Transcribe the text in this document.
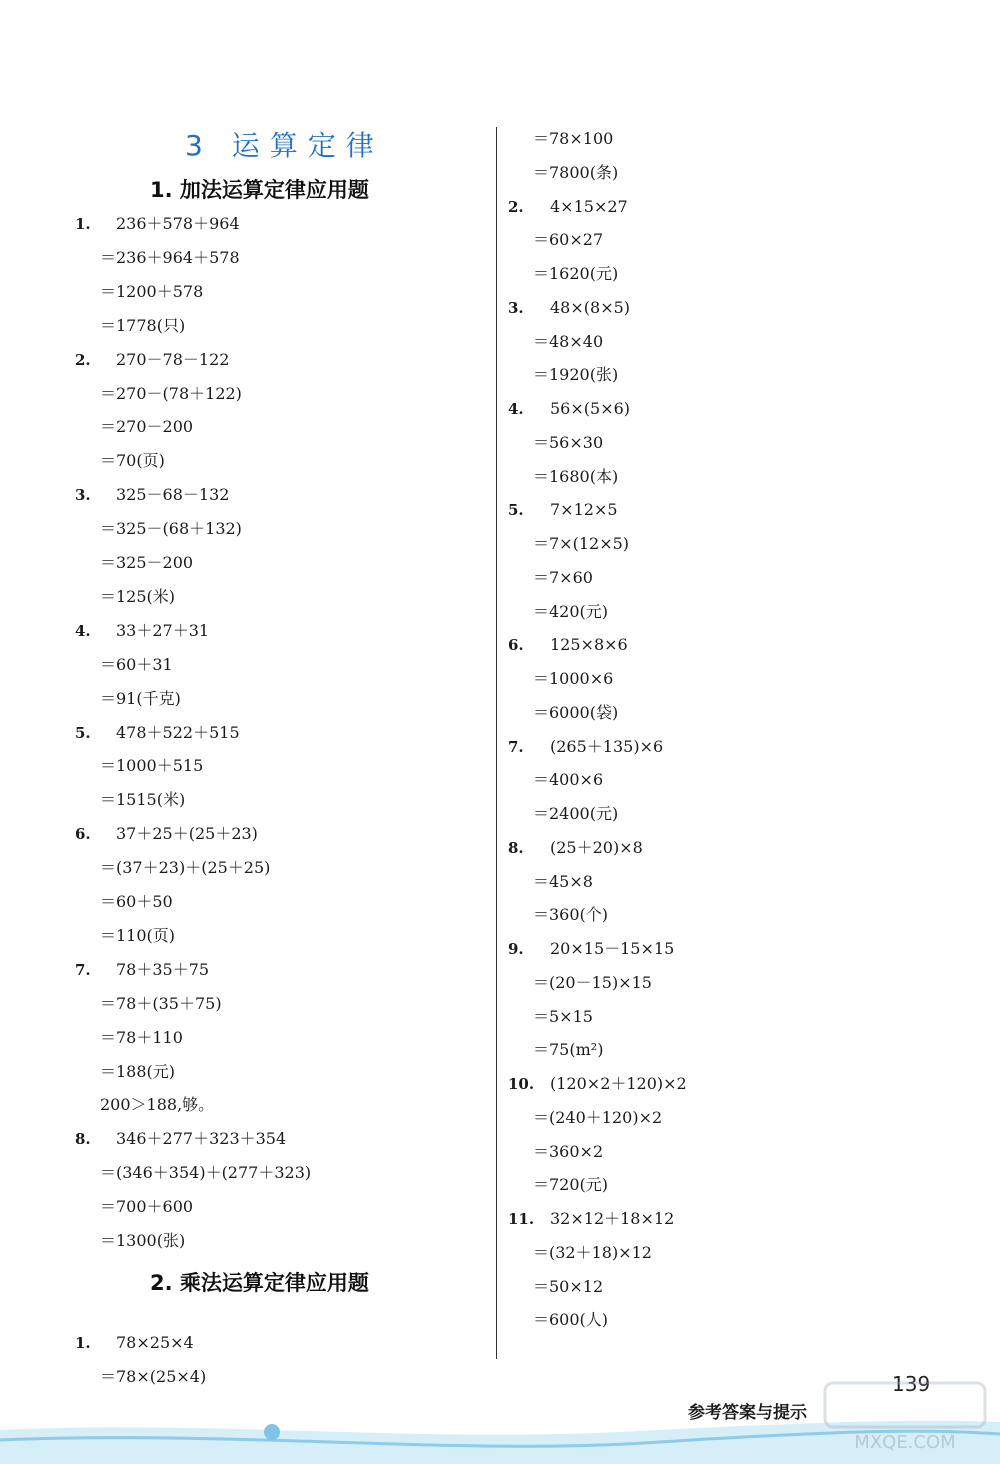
3 运算定律
1. 加法运算定律应用题
2. 乘法运算定律应用题
1. 236＋578＋964
＝236＋964＋578
＝1200＋578
＝1778(只)
2. 270－78－122
＝270－(78＋122)
＝270－200
＝70(页)
3. 325－68－132
＝325－(68＋132)
＝325－200
＝125(米)
4. 33＋27＋31
＝60＋31
＝91(千克)
5. 478＋522＋515
＝1000＋515
＝1515(米)
6. 37＋25＋(25＋23)
＝(37＋23)＋(25＋25)
＝60＋50
＝110(页)
7. 78＋35＋75
＝78＋(35＋75)
＝78＋110
＝188(元)
200＞188,够。
8. 346＋277＋323＋354
＝(346＋354)＋(277＋323)
＝700＋600
＝1300(张)
1. 78×25×4
＝78×(25×4)
＝78×100
＝7800(条)
2. 4×15×27
＝60×27
＝1620(元)
3. 48×(8×5)
＝48×40
＝1920(张)
4. 56×(5×6)
＝56×30
＝1680(本)
5. 7×12×5
＝7×(12×5)
＝7×60
＝420(元)
6. 125×8×6
＝1000×6
＝6000(袋)
7. (265＋135)×6
＝400×6
＝2400(元)
8. (25＋20)×8
＝45×8
＝360(个)
9. 20×15－15×15
＝(20－15)×15
＝5×15
＝75(m²)
10. (120×2＋120)×2
＝(240＋120)×2
＝360×2
＝720(元)
11. 32×12＋18×12
＝(32＋18)×12
＝50×12
＝600(人)
139
参考答案与提示
MXQE.COM
